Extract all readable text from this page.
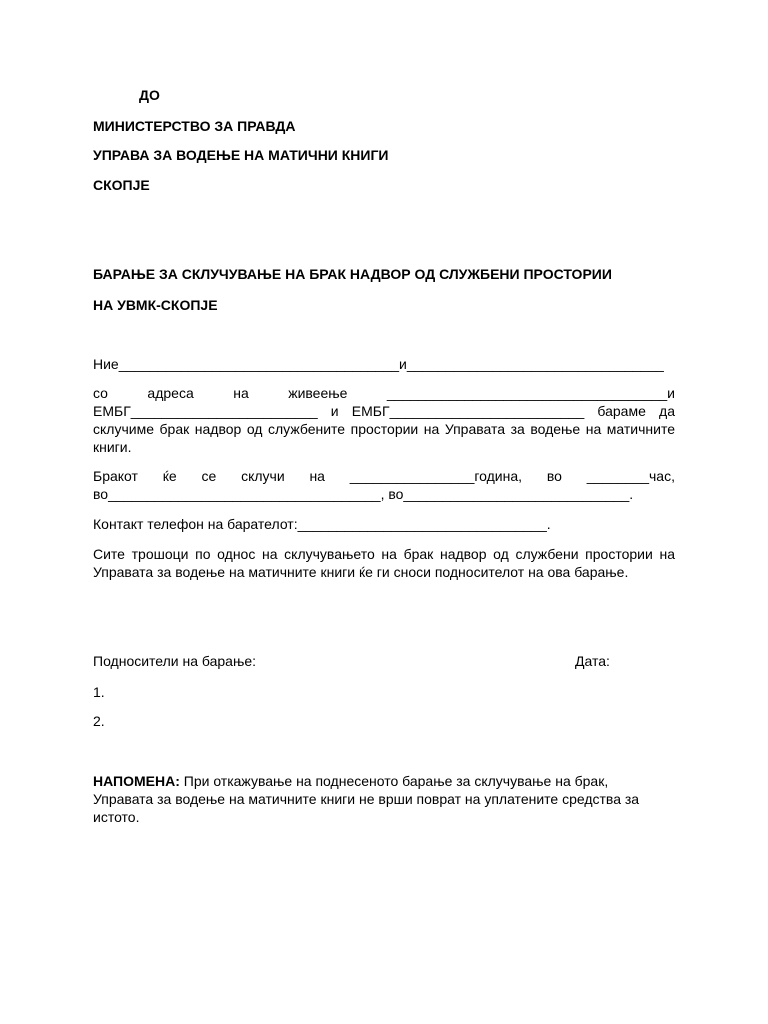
ДО
МИНИСТЕРСТВО ЗА ПРАВДА
УПРАВА ЗА ВОДЕЊЕ НА МАТИЧНИ КНИГИ
СКОПЈЕ
БАРАЊЕ ЗА СКЛУЧУВАЊЕ НА БРАК НАДВОР ОД СЛУЖБЕНИ ПРОСТОРИИ
НА УВМК-СКОПЈЕ
Ние____________________________________и_________________________________
со адреса на живеење ____________________________________и
ЕМБГ________________________ и ЕМБГ_________________________ бараме да
склучиме брак надвор од службените простории на Управата за водење на матичните
книги.
Бракот ќе се склучи на ________________година, во ________час,
во___________________________________, во_____________________________.
Контакт телефон на барателот:________________________________.
Сите трошоци по однос на склучувањето на брак надвор од службени простории на
Управата за водење на матичните книги ќе ги сноси подносителот на ова барање.
Подносители на барање:	Дата:
1.
2.
НАПОМЕНА: При откажување на поднесеното барање за склучување на брак,
Управата за водење на матичните книги не врши поврат на уплатените средства за
истото.
